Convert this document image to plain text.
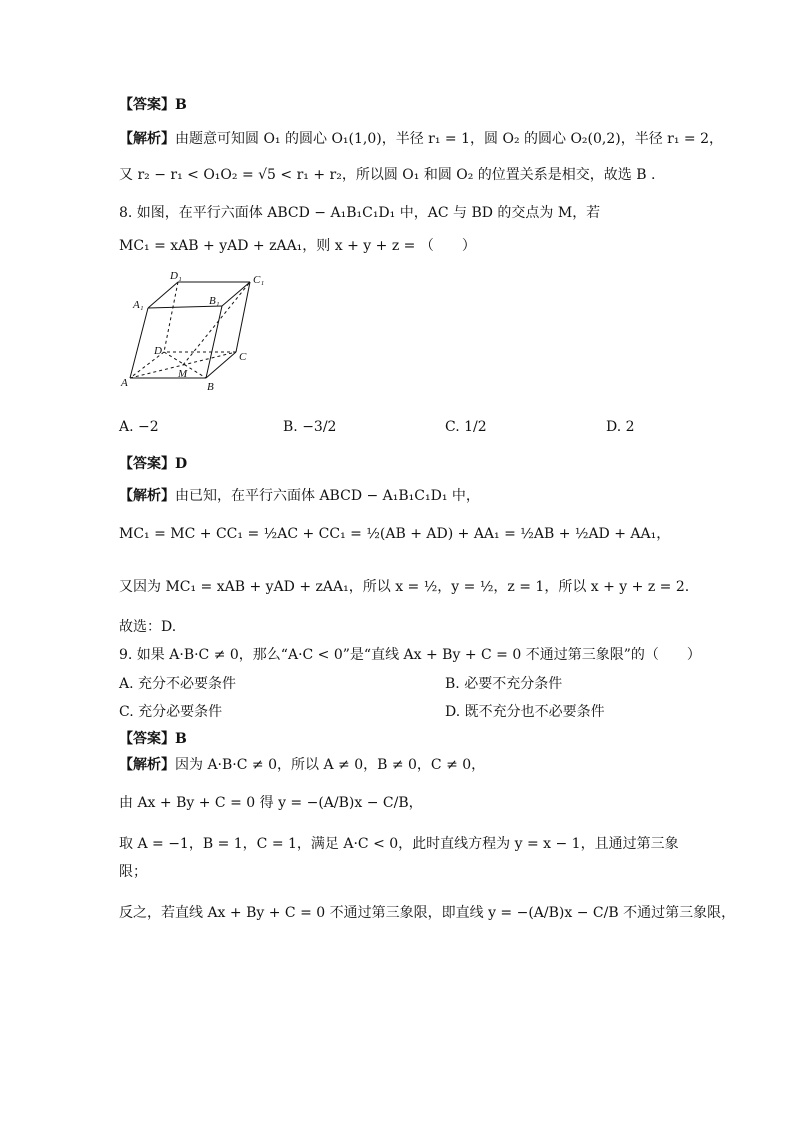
【答案】B
【解析】由题意可知圆 O₁ 的圆心 O₁(1,0)，半径 r₁ = 1，圆 O₂ 的圆心 O₂(0,2)，半径 r₁ = 2，
又 r₂ − r₁ < O₁O₂ = √5 < r₁ + r₂，所以圆 O₁ 和圆 O₂ 的位置关系是相交，故选 B .
8. 如图，在平行六面体 ABCD − A₁B₁C₁D₁ 中，AC 与 BD 的交点为 M，若
MC₁ = xAB + yAD + zAA₁，则 x + y + z = （　　）
D₁	C₁
A₁	B₁
D	C
M
A	B
A. −2	B. −3/2	C. 1/2	D. 2
【答案】D
【解析】由已知，在平行六面体 ABCD − A₁B₁C₁D₁ 中，
MC₁ = MC + CC₁ = ½AC + CC₁ = ½(AB + AD) + AA₁ = ½AB + ½AD + AA₁，
又因为 MC₁ = xAB + yAD + zAA₁，所以 x = ½，y = ½，z = 1，所以 x + y + z = 2.
故选：D.
9. 如果 A·B·C ≠ 0，那么“A·C < 0”是“直线 Ax + By + C = 0 不通过第三象限”的（　　）
A. 充分不必要条件	B. 必要不充分条件
C. 充分必要条件	D. 既不充分也不必要条件
【答案】B
【解析】因为 A·B·C ≠ 0，所以 A ≠ 0，B ≠ 0，C ≠ 0，
由 Ax + By + C = 0 得 y = −(A/B)x − C/B，
取 A = −1，B = 1，C = 1，满足 A·C < 0，此时直线方程为 y = x − 1，且通过第三象
限；
反之，若直线 Ax + By + C = 0 不通过第三象限，即直线 y = −(A/B)x − C/B 不通过第三象限，
